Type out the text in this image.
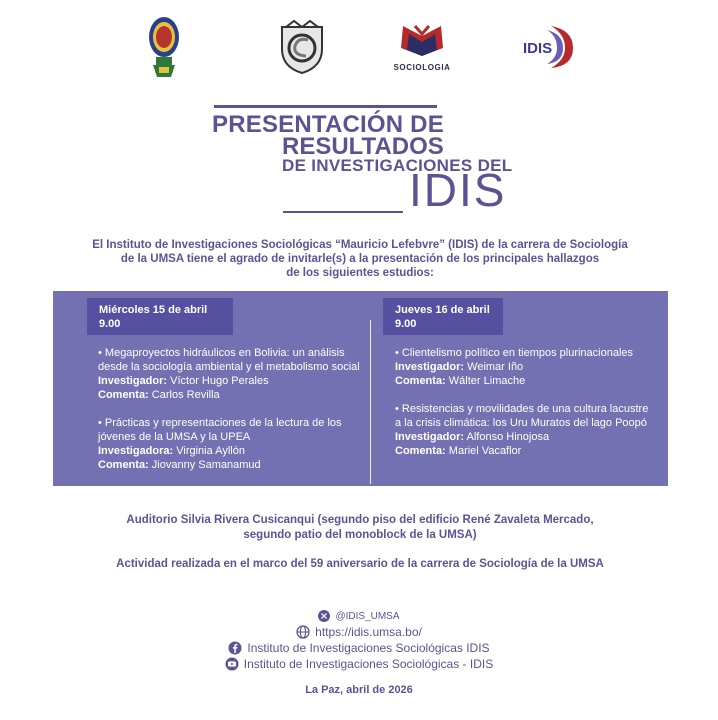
SOCIOLOGIA
IDIS
PRESENTACIÓN DE
RESULTADOS
DE INVESTIGACIONES DEL
IDIS
El Instituto de Investigaciones Sociológicas “Mauricio Lefebvre” (IDIS) de la carrera de Sociología
de la UMSA tiene el agrado de invitarle(s) a la presentación de los principales hallazgos
de los siguientes estudios:
Miércoles 15 de abril
9.00
Jueves 16 de abril
9.00
• Megaproyectos hidráulicos en Bolivia: un análisis desde la sociología ambiental y el metabolismo social
Investigador: Víctor Hugo Perales
Comenta: Carlos Revilla
• Prácticas y representaciones de la lectura de los jóvenes de la UMSA y la UPEA
Investigadora: Virginia Ayllón
Comenta: Jiovanny Samanamud
• Clientelismo político en tiempos plurinacionales
Investigador: Weimar Iño
Comenta: Wálter Limache
• Resistencias y movilidades de una cultura lacustre a la crisis climática: los Uru Muratos del lago Poopó
Investigador: Alfonso Hinojosa
Comenta: Mariel Vacaflor
Auditorio Silvia Rivera Cusicanqui (segundo piso del edificio René Zavaleta Mercado,
segundo patio del monoblock de la UMSA)
Actividad realizada en el marco del 59 aniversario de la carrera de Sociología de la UMSA
@IDIS_UMSA
https://idis.umsa.bo/
Instituto de Investigaciones Sociológicas IDIS
Instituto de Investigaciones Sociológicas - IDIS
La Paz, abril de 2026
